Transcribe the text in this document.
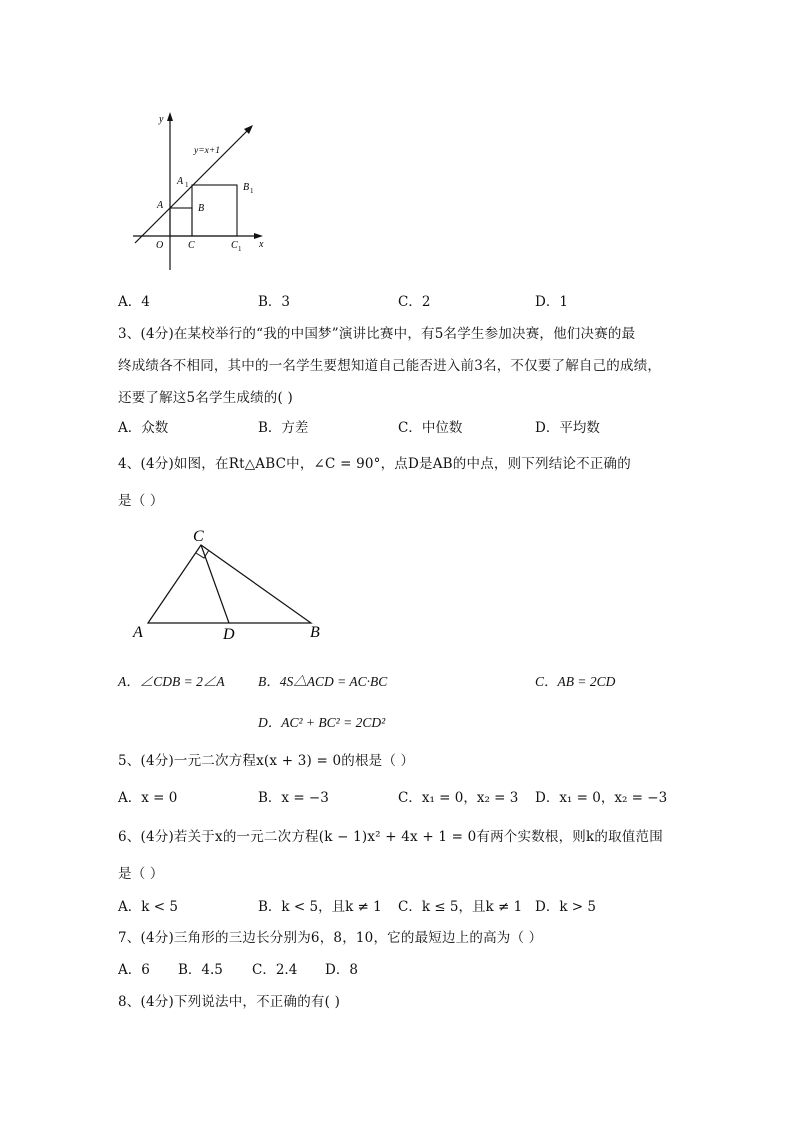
y
x
y=x+1
O
A
A 1
B
B 1
C	C 1
A．4	B．3	C．2	D．1
3、(4分)在某校举行的“我的中国梦”演讲比赛中，有5名学生参加决赛，他们决赛的最
终成绩各不相同，其中的一名学生要想知道自己能否进入前3名，不仅要了解自己的成绩，
还要了解这5名学生成绩的( )
A．众数	B．方差	C．中位数	D．平均数
4、(4分)如图，在Rt△ABC中，∠C = 90°，点D是AB的中点，则下列结论不正确的
是（ ）
C
A	D	B
A．∠CDB = 2∠A B．4S△ACD = AC·BC	C．AB = 2CD
D．AC² + BC² = 2CD²
5、(4分)一元二次方程x(x + 3) = 0的根是（ ）
A．x = 0	B．x = −3	C．x₁ = 0，x₂ = 3 D．x₁ = 0，x₂ = −3
6、(4分)若关于x的一元二次方程(k − 1)x² + 4x + 1 = 0有两个实数根，则k的取值范围
是（ ）
A．k < 5	B．k < 5，且k ≠ 1 C．k ≤ 5，且k ≠ 1 D．k > 5
7、(4分)三角形的三边长分别为6，8，10，它的最短边上的高为（ ）
A．6 B．4.5 C．2.4 D．8
8、(4分)下列说法中，不正确的有( )
